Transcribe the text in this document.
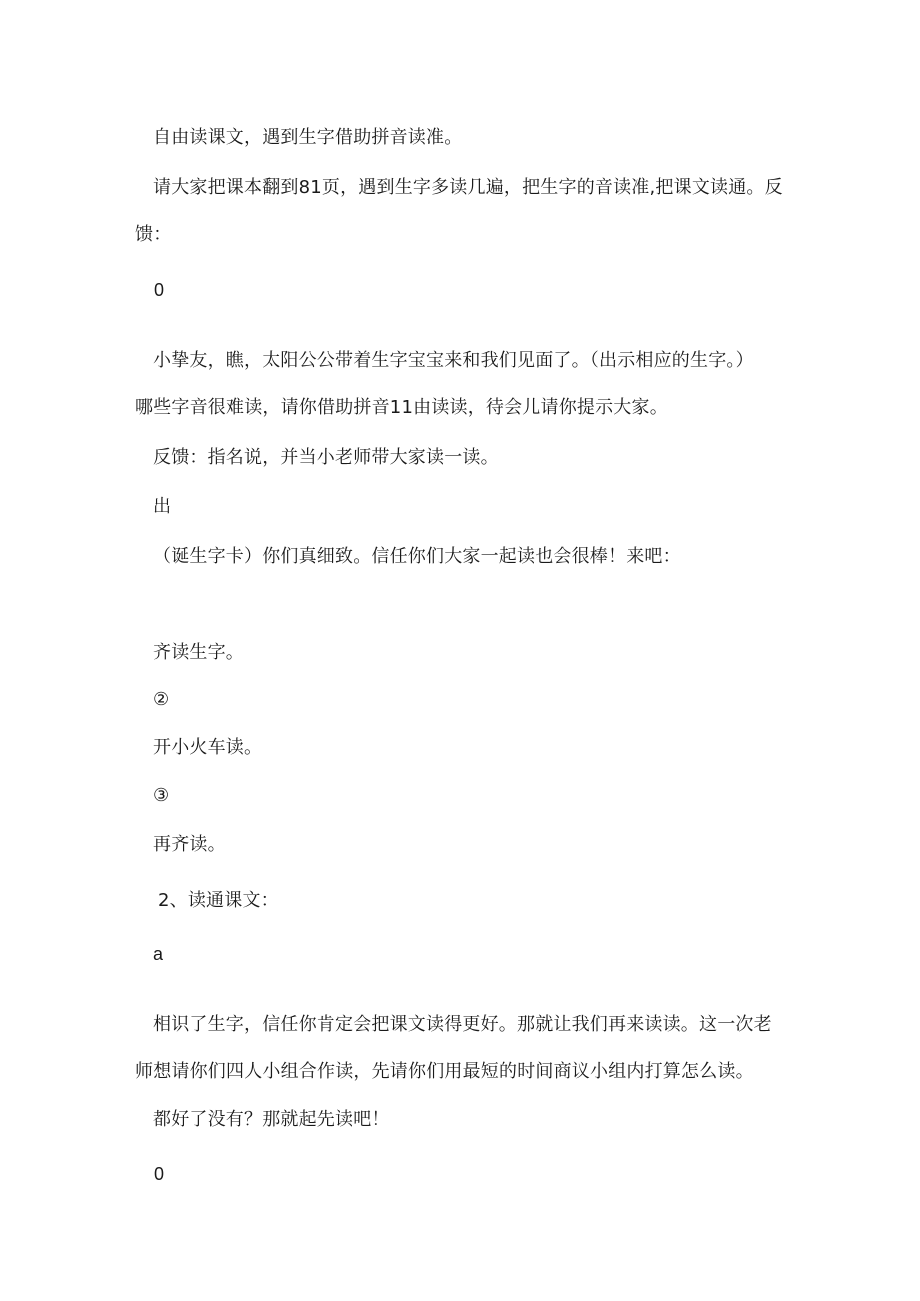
自由读课文，遇到生字借助拼音读准。
请大家把课本翻到81页，遇到生字多读几遍，把生字的音读准,把课文读通。反
馈：
0
小挚友，瞧，太阳公公带着生字宝宝来和我们见面了。（出示相应的生字。）
哪些字音很难读，请你借助拼音11由读读，待会儿请你提示大家。
反馈：指名说，并当小老师带大家读一读。
出
（诞生字卡）你们真细致。信任你们大家一起读也会很棒！来吧：
齐读生字。
②
开小火车读。
③
再齐读。
2、读通课文：
a
相识了生字，信任你肯定会把课文读得更好。那就让我们再来读读。这一次老
师想请你们四人小组合作读，先请你们用最短的时间商议小组内打算怎么读。
都好了没有？那就起先读吧！
0
